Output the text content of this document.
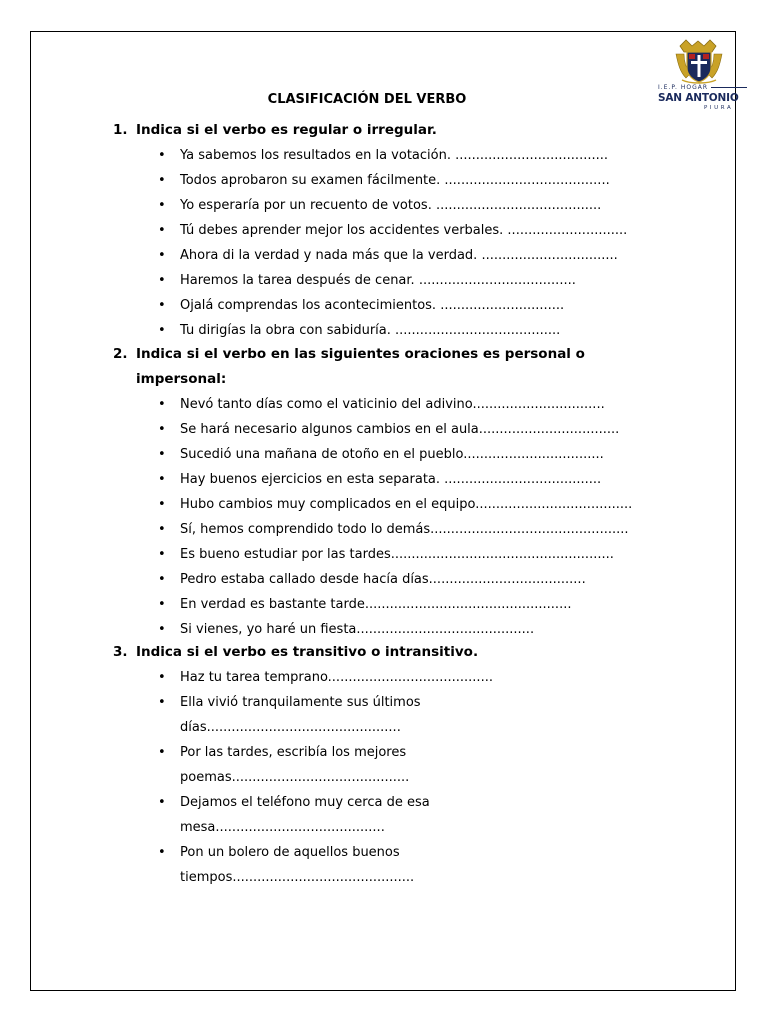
I.E.P. HOGAR
SAN ANTONIO
PIURA
CLASIFICACIÓN DEL VERBO
1. Indica si el verbo es regular o irregular.
• Ya sabemos los resultados en la votación. .....................................
• Todos aprobaron su examen fácilmente. ........................................
• Yo esperaría por un recuento de votos. ........................................
• Tú debes aprender mejor los accidentes verbales. .............................
• Ahora di la verdad y nada más que la verdad. .................................
• Haremos la tarea después de cenar. ......................................
• Ojalá comprendas los acontecimientos. ..............................
• Tu dirigías la obra con sabiduría. ........................................
2. Indica si el verbo en las siguientes oraciones es personal o
impersonal:
• Nevó tanto días como el vaticinio del adivino................................
• Se hará necesario algunos cambios en el aula..................................
• Sucedió una mañana de otoño en el pueblo..................................
• Hay buenos ejercicios en esta separata. ......................................
• Hubo cambios muy complicados en el equipo......................................
• Sí, hemos comprendido todo lo demás................................................
• Es bueno estudiar por las tardes......................................................
• Pedro estaba callado desde hacía días......................................
• En verdad es bastante tarde..................................................
• Si vienes, yo haré un fiesta...........................................
3. Indica si el verbo es transitivo o intransitivo.
• Haz tu tarea temprano........................................
• Ella vivió tranquilamente sus últimos
días...............................................
• Por las tardes, escribía los mejores
poemas...........................................
• Dejamos el teléfono muy cerca de esa
mesa.........................................
• Pon un bolero de aquellos buenos
tiempos............................................
